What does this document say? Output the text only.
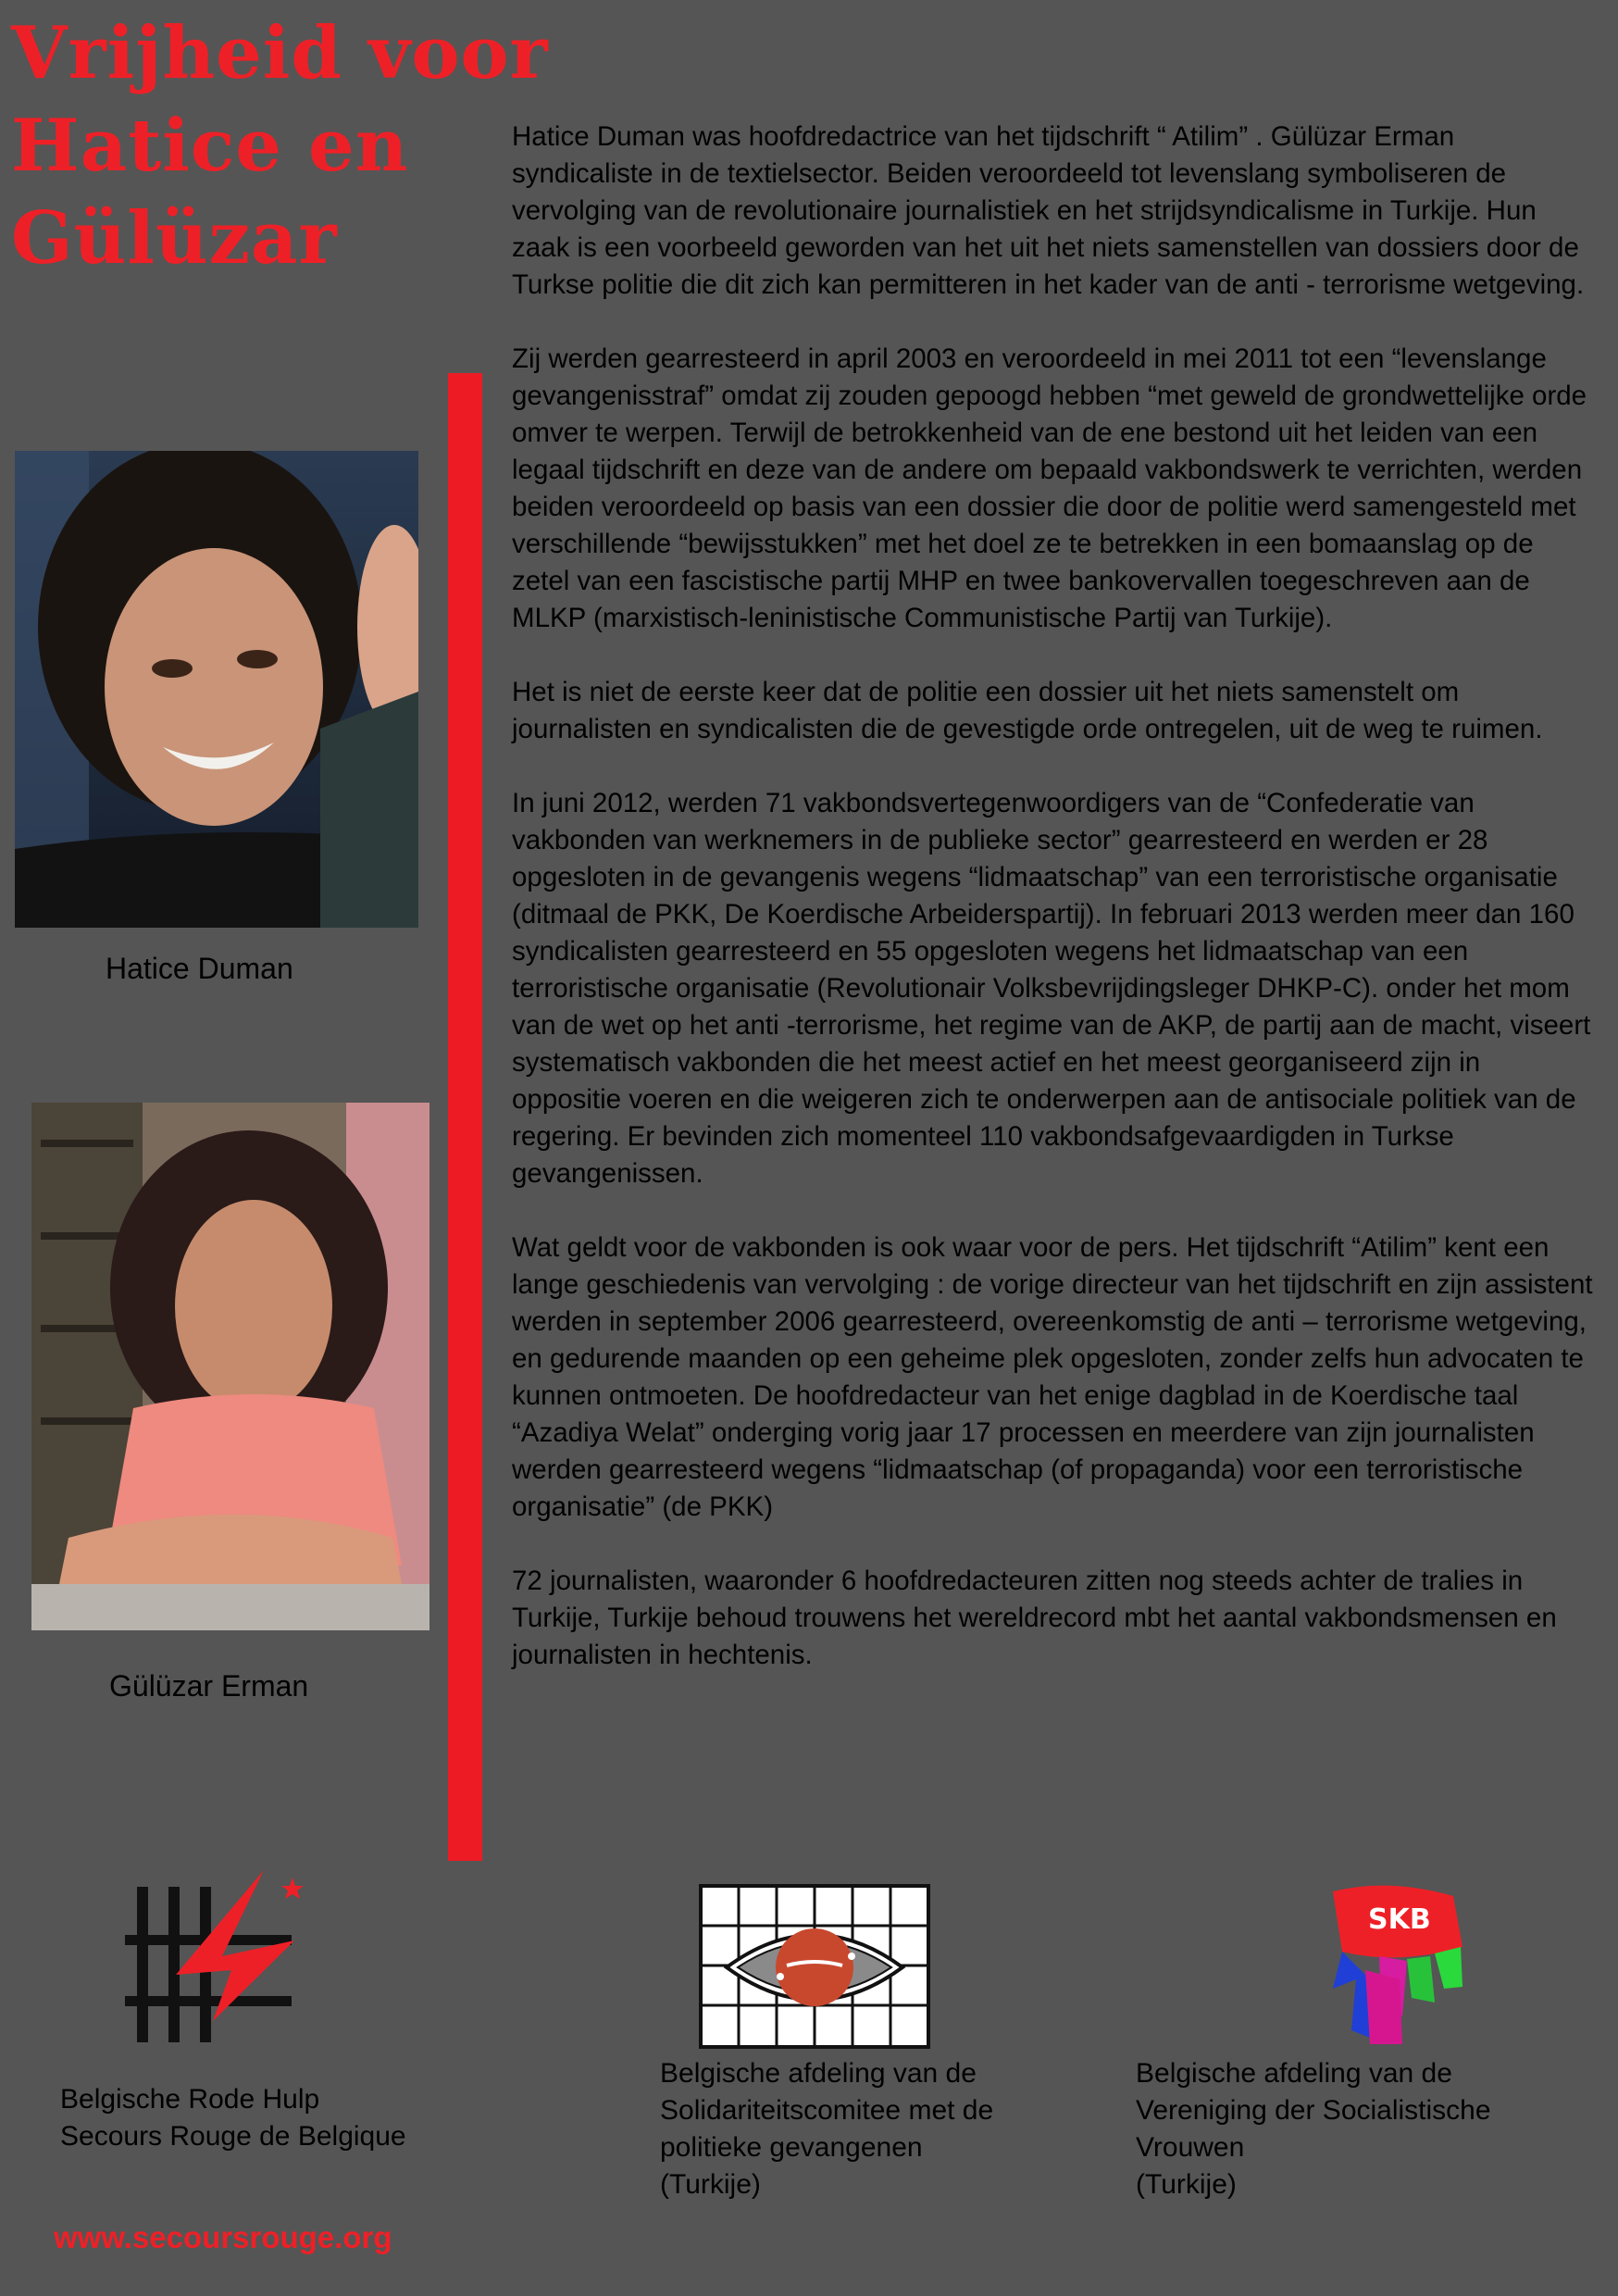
Vrijheid voor
Hatice en
Gülüzar

Hatice Duman was hoofdredactrice van het tijdschrift “ Atilim” . Gülüzar Erman syndicaliste in de textielsector. Beiden veroordeeld tot levenslang symboliseren de vervolging van de revolutionaire journalistiek en het strijdsyndicalisme in Turkije. Hun zaak is een voorbeeld geworden van het uit het niets samenstellen van dossiers door de Turkse politie die dit zich kan permitteren in het kader van de anti - terrorisme wetgeving.

Zij werden gearresteerd in april 2003 en veroordeeld in mei 2011 tot een “levenslange gevangenisstraf” omdat zij zouden gepoogd hebben “met geweld de grondwettelijke orde omver te werpen. Terwijl de betrokkenheid van de ene bestond uit het leiden van een legaal tijdschrift en deze van de andere om bepaald vakbondswerk te verrichten, werden beiden veroordeeld op basis van een dossier die door de politie werd samengesteld met verschillende “bewijsstukken” met het doel ze te betrekken in een bomaanslag op de zetel van een fascistische partij MHP en twee bankovervallen toegeschreven aan de MLKP (marxistisch-leninistische Communistische Partij van Turkije).

Het is niet de eerste keer dat de politie een dossier uit het niets samenstelt om journalisten en syndicalisten die de gevestigde orde ontregelen, uit de weg te ruimen.

In juni 2012, werden 71 vakbondsvertegenwoordigers van de “Confederatie van vakbonden van werknemers in de publieke sector” gearresteerd en werden er 28 opgesloten in de gevangenis wegens “lidmaatschap” van een terroristische organisatie (ditmaal de PKK, De Koerdische Arbeiderspartij). In februari 2013 werden meer dan 160 syndicalisten gearresteerd en 55 opgesloten wegens het lidmaatschap van een terroristische organisatie (Revolutionair Volksbevrijdingsleger DHKP-C). onder het mom van de wet op het anti -terrorisme, het regime van de AKP, de partij aan de macht, viseert systematisch vakbonden die het meest actief en het meest georganiseerd zijn in oppositie voeren en die weigeren zich te onderwerpen aan de antisociale politiek van de regering. Er bevinden zich momenteel 110 vakbondsafgevaardigden in Turkse gevangenissen.

Wat geldt voor de vakbonden is ook waar voor de pers. Het tijdschrift “Atilim” kent een lange geschiedenis van vervolging : de vorige directeur van het tijdschrift en zijn assistent werden in september 2006 gearresteerd, overeenkomstig de anti – terrorisme wetgeving, en gedurende maanden op een geheime plek opgesloten, zonder zelfs hun advocaten te kunnen ontmoeten. De hoofdredacteur van het enige dagblad in de Koerdische taal “Azadiya Welat” onderging vorig jaar 17 processen en meerdere van zijn journalisten werden gearresteerd wegens “lidmaatschap (of propaganda) voor een terroristische organisatie” (de PKK)

72 journalisten, waaronder 6 hoofdredacteuren zitten nog steeds achter de tralies in Turkije, Turkije behoud trouwens het wereldrecord mbt het aantal vakbondsmensen en journalisten in hechtenis.

Hatice Duman
Gülüzar Erman
Belgische Rode Hulp
Secours Rouge de Belgique
Belgische afdeling van de
Solidariteitscomitee met de
politieke gevangenen
(Turkije)
SKB
Belgische afdeling van de
Vereniging der Socialistische
Vrouwen
(Turkije)
www.secoursrouge.org
